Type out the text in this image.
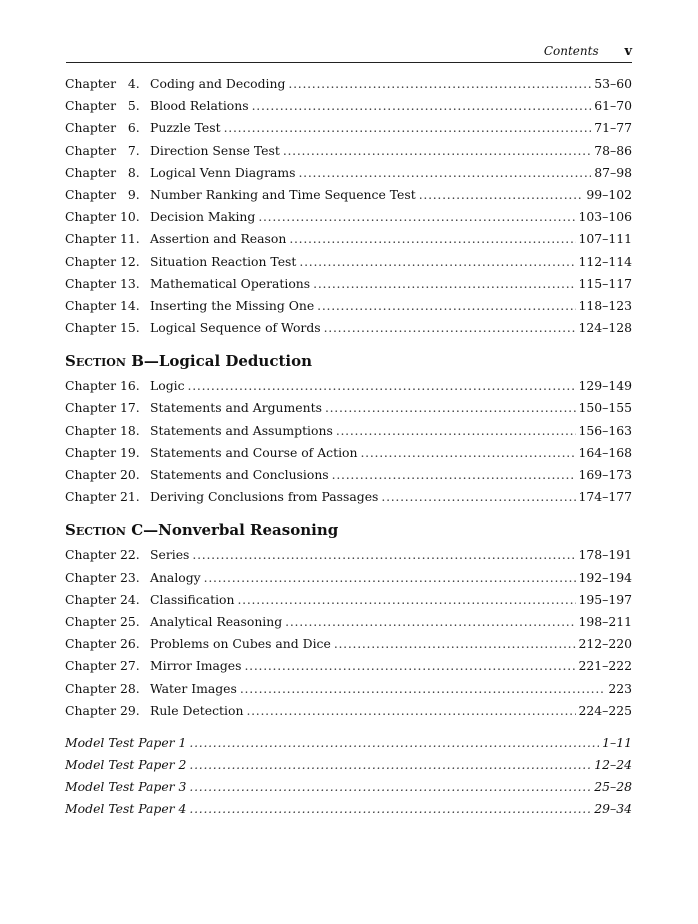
Contents v
Chapter   4. Coding and Decoding . . .	53–60
Chapter   5. Blood Relations . . .	61–70
Chapter   6. Puzzle Test . . .	71–77
Chapter   7. Direction Sense Test . . .	78–86
Chapter   8. Logical Venn Diagrams . . .	87–98
Chapter   9. Number Ranking and Time Sequence Test . . .	99–102
Chapter 10. Decision Making . . .	103–106
Chapter 11. Assertion and Reason . . .	107–111
Chapter 12. Situation Reaction Test . . .	112–114
Chapter 13. Mathematical Operations . . .	115–117
Chapter 14. Inserting the Missing One . . .	118–123
Chapter 15. Logical Sequence of Words . . .	124–128
Section B—Logical Deduction
Chapter 16. Logic . . .	129–149
Chapter 17. Statements and Arguments . . .	150–155
Chapter 18. Statements and Assumptions . . .	156–163
Chapter 19. Statements and Course of Action . . .	164–168
Chapter 20. Statements and Conclusions . . .	169–173
Chapter 21. Deriving Conclusions from Passages . . .	174–177
Section C—Nonverbal Reasoning
Chapter 22. Series . . .	178–191
Chapter 23. Analogy . . .	192–194
Chapter 24. Classification . . .	195–197
Chapter 25. Analytical Reasoning . . .	198–211
Chapter 26. Problems on Cubes and Dice . . .	212–220
Chapter 27. Mirror Images . . .	221–222
Chapter 28. Water Images . . .	223
Chapter 29. Rule Detection . . .	224–225
Model Test Paper 1 . . .	1–11
Model Test Paper 2 . . .	12–24
Model Test Paper 3 . . .	25–28
Model Test Paper 4 . . .	29–34
